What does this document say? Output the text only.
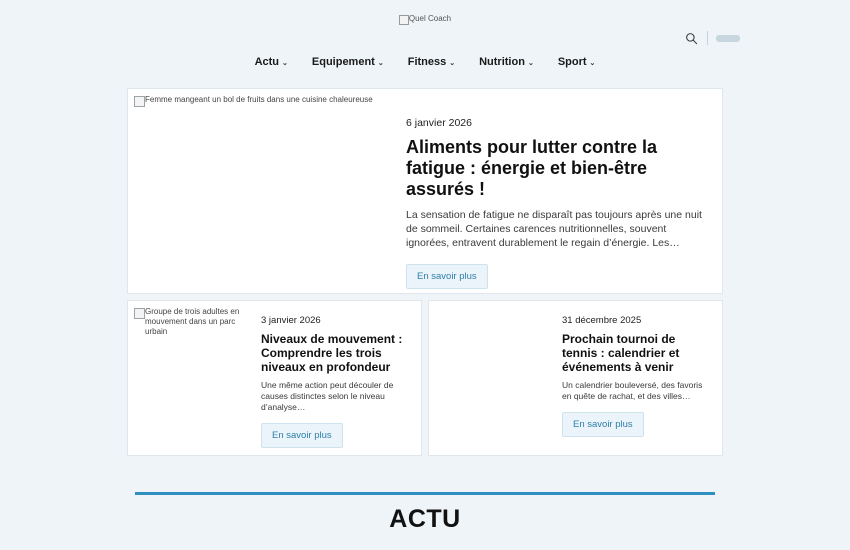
Quel Coach
Actu ⌄ Equipement ⌄ Fitness ⌄ Nutrition ⌄ Sport ⌄
Femme mangeant un bol de fruits dans une cuisine chaleureuse
6 janvier 2026
Aliments pour lutter contre la fatigue : énergie et bien-être assurés !

La sensation de fatigue ne disparaît pas toujours après une nuit de sommeil. Certaines carences nutritionnelles, souvent ignorées, entravent durablement le regain d’énergie. Les…

En savoir plus
Groupe de trois adultes en mouvement dans un parc urbain
3 janvier 2026
Niveaux de mouvement : Comprendre les trois niveaux en profondeur

Une même action peut découler de causes distinctes selon le niveau d’analyse…

En savoir plus
31 décembre 2025
Prochain tournoi de tennis : calendrier et événements à venir

Un calendrier bouleversé, des favoris en quête de rachat, et des villes…

En savoir plus
ACTU
